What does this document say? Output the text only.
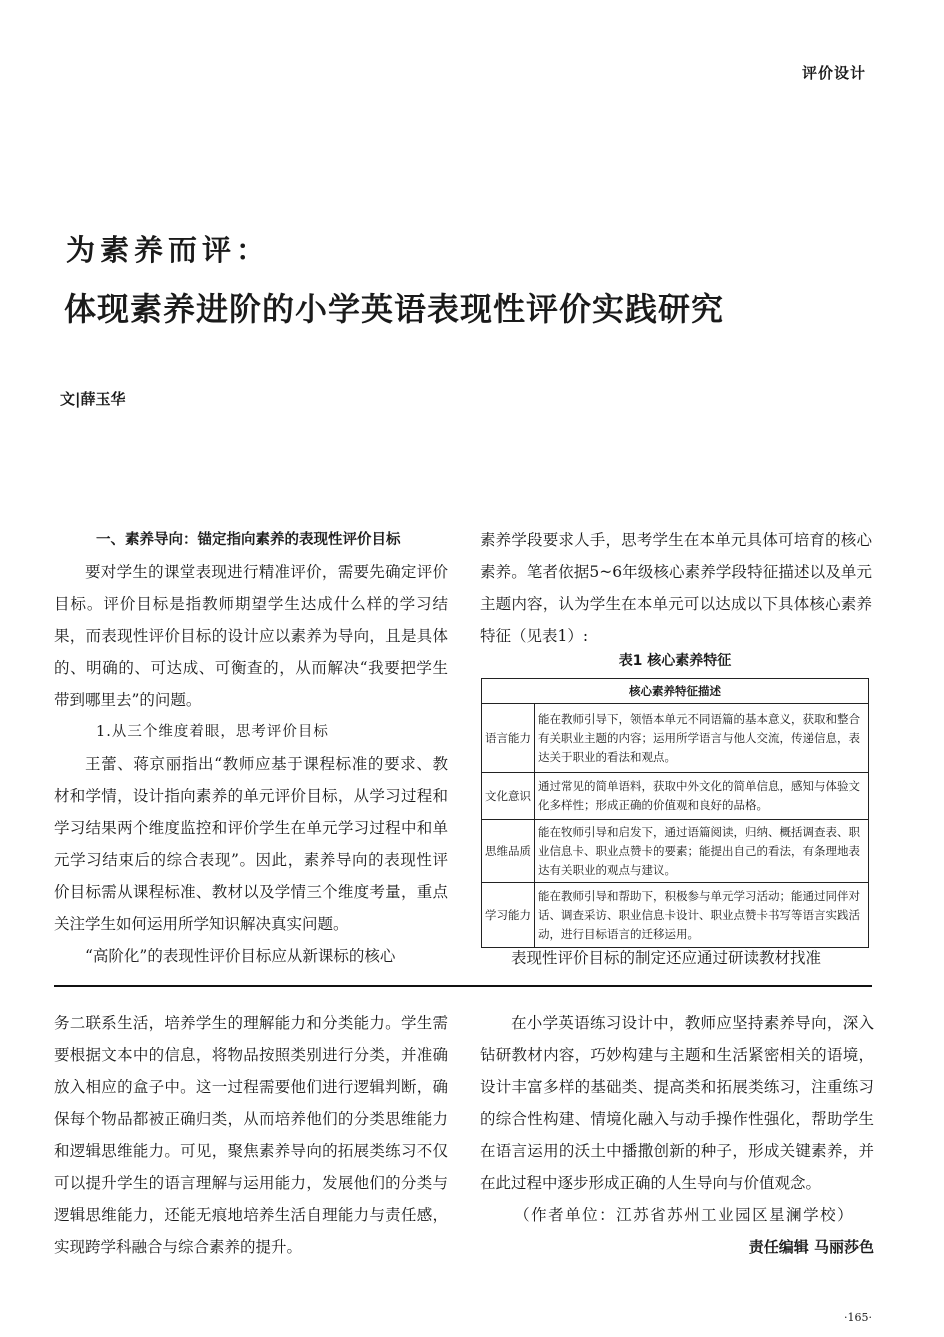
评价设计
为素养而评：
体现素养进阶的小学英语表现性评价实践研究
文|薛玉华

一、素养导向：锚定指向素养的表现性评价目标

要对学生的课堂表现进行精准评价，需要先确定评价目标。评价目标是指教师期望学生达成什么样的学习结果，而表现性评价目标的设计应以素养为导向，且是具体的、明确的、可达成、可衡查的，从而解决“我要把学生带到哪里去”的问题。

1.从三个维度着眼，思考评价目标

王蕾、蒋京丽指出“教师应基于课程标准的要求、教材和学情，设计指向素养的单元评价目标，从学习过程和学习结果两个维度监控和评价学生在单元学习过程中和单元学习结束后的综合表现”。因此，素养导向的表现性评价目标需从课程标准、教材以及学情三个维度考量，重点关注学生如何运用所学知识解决真实问题。

“高阶化”的表现性评价目标应从新课标的核心

素养学段要求人手，思考学生在本单元具体可培育的核心素养。笔者依据5~6年级核心素养学段特征描述以及单元主题内容，认为学生在本单元可以达成以下具体核心素养特征（见表1）:

表1 核心素养特征
核心素养特征描述	
语言能力	能在教师引导下，领悟本单元不同语篇的基本意义，获取和整合有关职业主题的内容；运用所学语言与他人交流，传递信息，表达关于职业的看法和观点。
文化意识	通过常见的简单语料，获取中外文化的简单信息，感知与体验文化多样性；形成正确的价值观和良好的品格。
思维品质	能在牧师引导和启发下，通过语篇阅读，归纳、概括调查表、职业信息卡、职业点赞卡的要素；能提出自己的看法，有条理地表达有关职业的观点与建议。
学习能力	能在教师引导和帮助下，积极参与单元学习活动；能通过同伴对话、调查采访、职业信息卡设计、职业点赞卡书写等语言实践活动，进行目标语言的迁移运用。

表现性评价目标的制定还应通过研读教材找准

务二联系生活，培养学生的理解能力和分类能力。学生需要根据文本中的信息，将物品按照类别进行分类，并准确放入相应的盒子中。这一过程需要他们进行逻辑判断，确保每个物品都被正确归类，从而培养他们的分类思维能力和逻辑思维能力。可见，聚焦素养导向的拓展类练习不仅可以提升学生的语言理解与运用能力，发展他们的分类与逻辑思维能力，还能无痕地培养生活自理能力与责任感，实现跨学科融合与综合素养的提升。

在小学英语练习设计中，教师应坚持素养导向，深入钻研教材内容，巧妙构建与主题和生活紧密相关的语境，设计丰富多样的基础类、提高类和拓展类练习，注重练习的综合性构建、情境化融入与动手操作性强化，帮助学生在语言运用的沃土中播撒创新的种子，形成关键素养，并在此过程中逐步形成正确的人生导向与价值观念。

（作者单位：江苏省苏州工业园区星澜学校）

责任编辑 马丽莎色

·165·
